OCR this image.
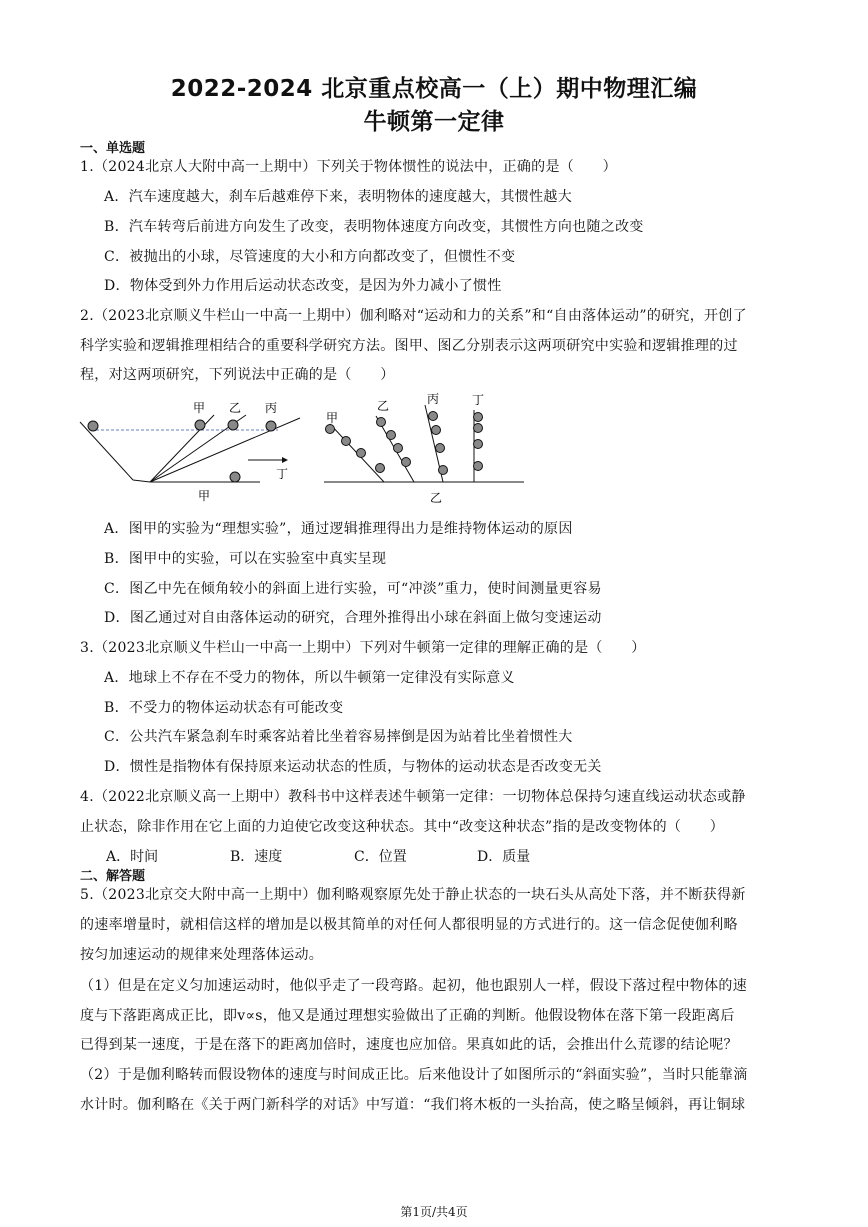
2022-2024 北京重点校高一（上）期中物理汇编
牛顿第一定律
一、单选题
1.（2024北京人大附中高一上期中）下列关于物体惯性的说法中，正确的是（　　）
A．汽车速度越大，刹车后越难停下来，表明物体的速度越大，其惯性越大
B．汽车转弯后前进方向发生了改变，表明物体速度方向改变，其惯性方向也随之改变
C．被抛出的小球，尽管速度的大小和方向都改变了，但惯性不变
D．物体受到外力作用后运动状态改变，是因为外力减小了惯性
2.（2023北京顺义牛栏山一中高一上期中）伽利略对“运动和力的关系”和“自由落体运动”的研究，开创了
科学实验和逻辑推理相结合的重要科学研究方法。图甲、图乙分别表示这两项研究中实验和逻辑推理的过
程，对这两项研究，下列说法中正确的是（　　）
甲 乙 丙
丁
甲
甲
乙	丙	丁
乙
A．图甲的实验为“理想实验”，通过逻辑推理得出力是维持物体运动的原因
B．图甲中的实验，可以在实验室中真实呈现
C．图乙中先在倾角较小的斜面上进行实验，可“冲淡”重力，使时间测量更容易
D．图乙通过对自由落体运动的研究，合理外推得出小球在斜面上做匀变速运动
3.（2023北京顺义牛栏山一中高一上期中）下列对牛顿第一定律的理解正确的是（　　）
A．地球上不存在不受力的物体，所以牛顿第一定律没有实际意义
B．不受力的物体运动状态有可能改变
C．公共汽车紧急刹车时乘客站着比坐着容易摔倒是因为站着比坐着惯性大
D．惯性是指物体有保持原来运动状态的性质，与物体的运动状态是否改变无关
4.（2022北京顺义高一上期中）教科书中这样表述牛顿第一定律：一切物体总保持匀速直线运动状态或静
止状态，除非作用在它上面的力迫使它改变这种状态。其中“改变这种状态”指的是改变物体的（　　）
A．时间	B．速度	C．位置	D．质量
二、解答题
5.（2023北京交大附中高一上期中）伽利略观察原先处于静止状态的一块石头从高处下落，并不断获得新
的速率增量时，就相信这样的增加是以极其简单的对任何人都很明显的方式进行的。这一信念促使伽利略
按匀加速运动的规律来处理落体运动。
（1）但是在定义匀加速运动时，他似乎走了一段弯路。起初，他也跟别人一样，假设下落过程中物体的速
度与下落距离成正比，即v∝s，他又是通过理想实验做出了正确的判断。他假设物体在落下第一段距离后
已得到某一速度，于是在落下的距离加倍时，速度也应加倍。果真如此的话，会推出什么荒谬的结论呢？
（2）于是伽利略转而假设物体的速度与时间成正比。后来他设计了如图所示的“斜面实验”，当时只能靠滴
水计时。伽利略在《关于两门新科学的对话》中写道：“我们将木板的一头抬高，使之略呈倾斜，再让铜球
第1页/共4页
